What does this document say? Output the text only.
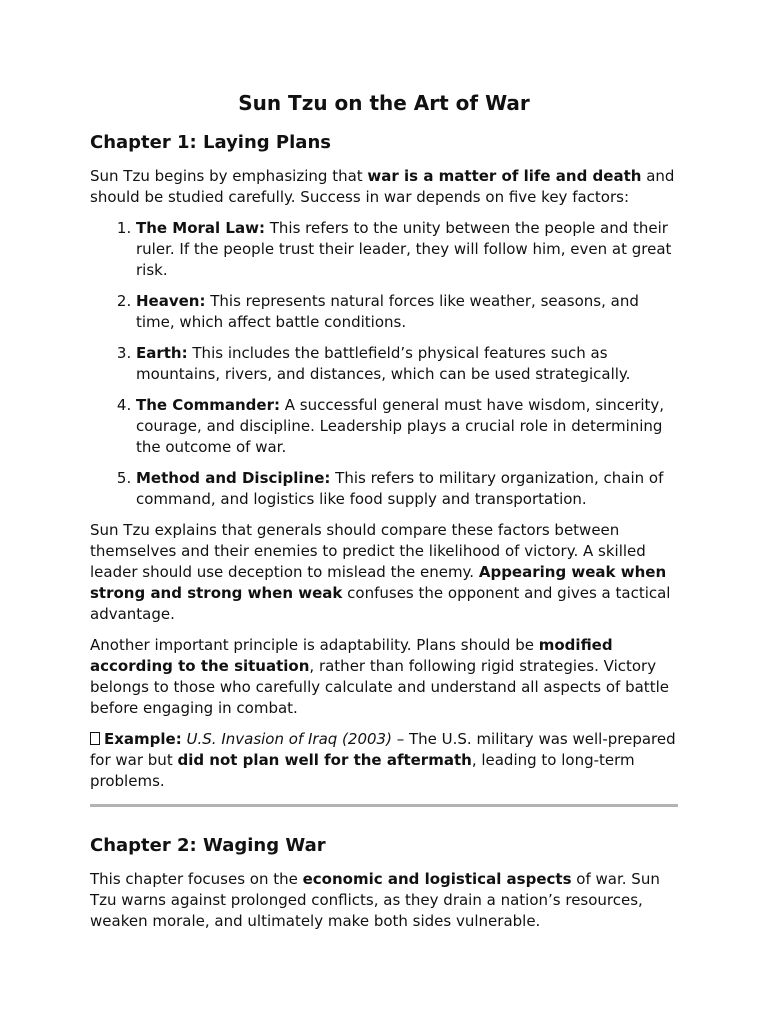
Sun Tzu on the Art of War
Chapter 1: Laying Plans

Sun Tzu begins by emphasizing that war is a matter of life and death and should be studied carefully. Success in war depends on five key factors:

1. The Moral Law: This refers to the unity between the people and their ruler. If the people trust their leader, they will follow him, even at great risk.
2. Heaven: This represents natural forces like weather, seasons, and time, which affect battle conditions.
3. Earth: This includes the battlefield’s physical features such as mountains, rivers, and distances, which can be used strategically.
4. The Commander: A successful general must have wisdom, sincerity, courage, and discipline. Leadership plays a crucial role in determining the outcome of war.
5. Method and Discipline: This refers to military organization, chain of command, and logistics like food supply and transportation.

Sun Tzu explains that generals should compare these factors between themselves and their enemies to predict the likelihood of victory. A skilled leader should use deception to mislead the enemy. Appearing weak when strong and strong when weak confuses the opponent and gives a tactical advantage.

Another important principle is adaptability. Plans should be modified according to the situation, rather than following rigid strategies. Victory belongs to those who carefully calculate and understand all aspects of battle before engaging in combat.

Example: U.S. Invasion of Iraq (2003) – The U.S. military was well-prepared for war but did not plan well for the aftermath, leading to long-term problems.

Chapter 2: Waging War

This chapter focuses on the economic and logistical aspects of war. Sun Tzu warns against prolonged conflicts, as they drain a nation’s resources, weaken morale, and ultimately make both sides vulnerable.
